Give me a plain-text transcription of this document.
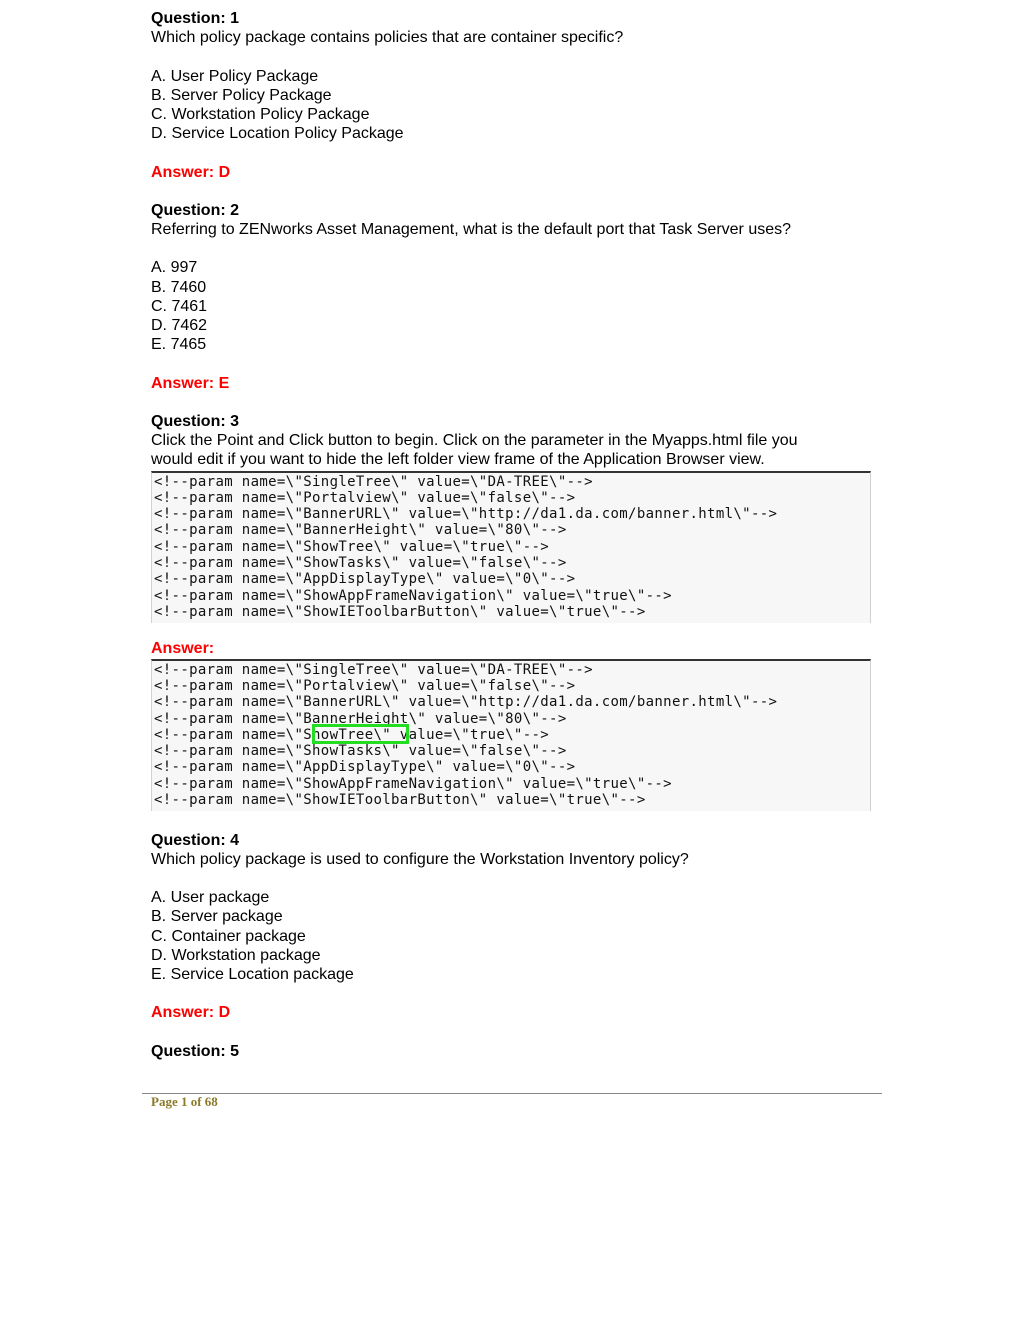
Question: 1
Which policy package contains policies that are container specific?
A. User Policy Package
B. Server Policy Package
C. Workstation Policy Package
D. Service Location Policy Package
Answer: D
Question: 2
Referring to ZENworks Asset Management, what is the default port that Task Server uses?
A. 997
B. 7460
C. 7461
D. 7462
E. 7465
Answer: E
Question: 3
Click the Point and Click button to begin. Click on the parameter in the Myapps.html file you
would edit if you want to hide the left folder view frame of the Application Browser view.
<!--param name=\"SingleTree\" value=\"DA-TREE\"-->
<!--param name=\"Portalview\" value=\"false\"-->
<!--param name=\"BannerURL\" value=\"http://da1.da.com/banner.html\"-->
<!--param name=\"BannerHeight\" value=\"80\"-->
<!--param name=\"ShowTree\" value=\"true\"-->
<!--param name=\"ShowTasks\" value=\"false\"-->
<!--param name=\"AppDisplayType\" value=\"0\"-->
<!--param name=\"ShowAppFrameNavigation\" value=\"true\"-->
<!--param name=\"ShowIEToolbarButton\" value=\"true\"-->
Answer:
<!--param name=\"SingleTree\" value=\"DA-TREE\"-->
<!--param name=\"Portalview\" value=\"false\"-->
<!--param name=\"BannerURL\" value=\"http://da1.da.com/banner.html\"-->
<!--param name=\"BannerHeight\" value=\"80\"-->
<!--param name=\"ShowTree\" value=\"true\"-->
<!--param name=\"ShowTasks\" value=\"false\"-->
<!--param name=\"AppDisplayType\" value=\"0\"-->
<!--param name=\"ShowAppFrameNavigation\" value=\"true\"-->
<!--param name=\"ShowIEToolbarButton\" value=\"true\"-->
Question: 4
Which policy package is used to configure the Workstation Inventory policy?
A. User package
B. Server package
C. Container package
D. Workstation package
E. Service Location package
Answer: D
Question: 5
Page 1 of 68
